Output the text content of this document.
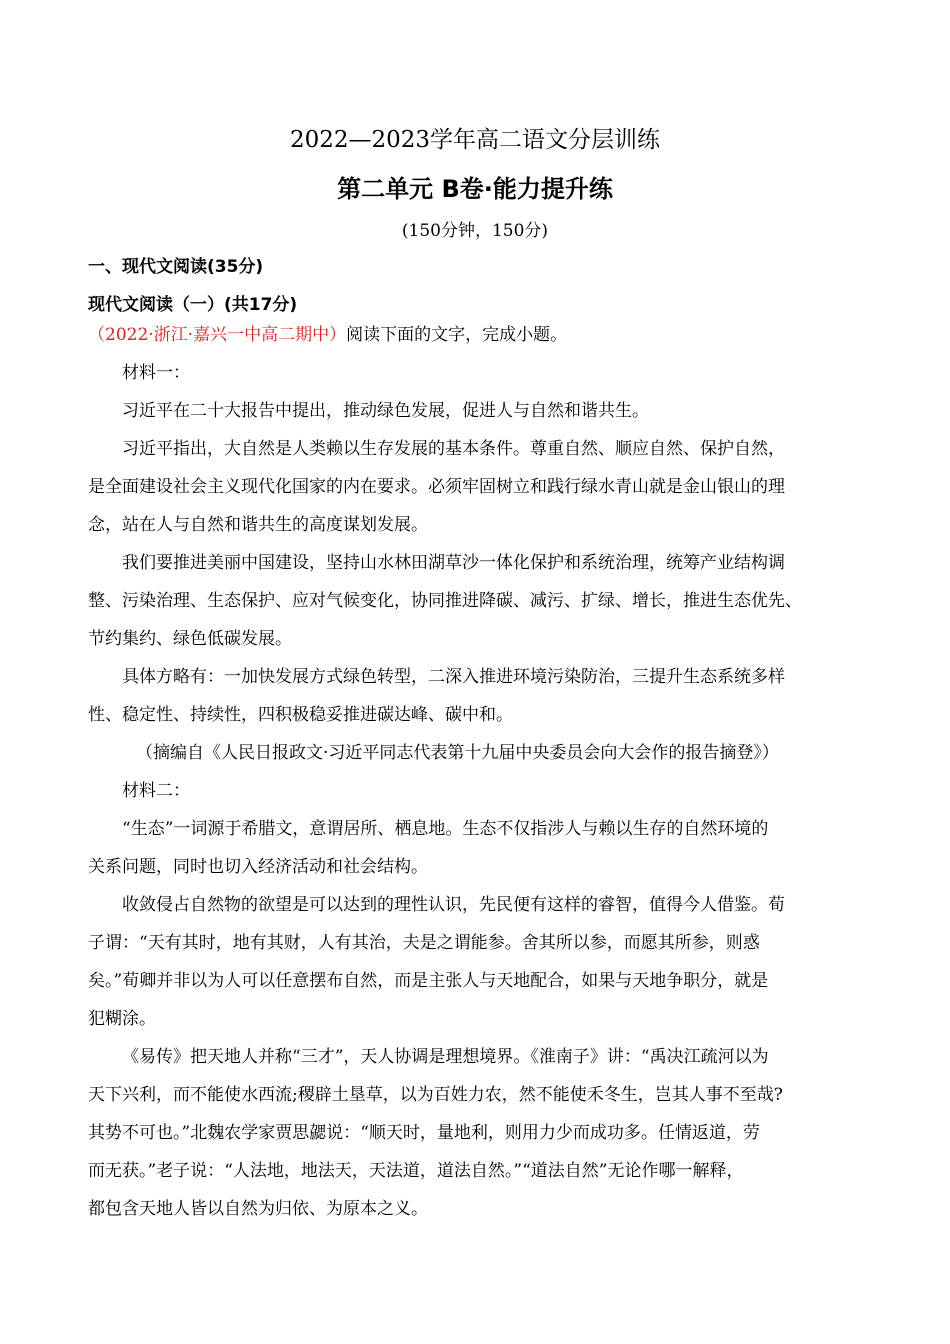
2022—2023学年高二语文分层训练
第二单元 B卷·能力提升练
(150分钟，150分)
一、现代文阅读(35分)
现代文阅读（一）(共17分)
（2022·浙江·嘉兴一中高二期中）阅读下面的文字，完成小题。
材料一：
习近平在二十大报告中提出，推动绿色发展，促进人与自然和谐共生。
习近平指出，大自然是人类赖以生存发展的基本条件。尊重自然、顺应自然、保护自然，
是全面建设社会主义现代化国家的内在要求。必须牢固树立和践行绿水青山就是金山银山的理
念，站在人与自然和谐共生的高度谋划发展。
我们要推进美丽中国建设，坚持山水林田湖草沙一体化保护和系统治理，统筹产业结构调
整、污染治理、生态保护、应对气候变化，协同推进降碳、减污、扩绿、增长，推进生态优先、
节约集约、绿色低碳发展。
具体方略有：一加快发展方式绿色转型，二深入推进环境污染防治，三提升生态系统多样
性、稳定性、持续性，四积极稳妥推进碳达峰、碳中和。
（摘编自《人民日报政文·习近平同志代表第十九届中央委员会向大会作的报告摘登》）
材料二：
“生态”一词源于希腊文，意谓居所、栖息地。生态不仅指涉人与赖以生存的自然环境的
关系问题，同时也切入经济活动和社会结构。
收敛侵占自然物的欲望是可以达到的理性认识，先民便有这样的睿智，值得今人借鉴。荀
子谓：“天有其时，地有其财，人有其治，夫是之谓能参。舍其所以参，而愿其所参，则惑
矣。”荀卿并非以为人可以任意摆布自然，而是主张人与天地配合，如果与天地争职分，就是
犯糊涂。
《易传》把天地人并称“三才”，天人协调是理想境界。《淮南子》讲：“禹决江疏河以为
天下兴利，而不能使水西流;稷辟土垦草，以为百姓力农，然不能使禾冬生，岂其人事不至哉?
其势不可也。”北魏农学家贾思勰说：“顺天时，量地利，则用力少而成功多。任情返道，劳
而无获。”老子说：“人法地，地法天，天法道，道法自然。”“道法自然”无论作哪一解释，
都包含天地人皆以自然为归依、为原本之义。
